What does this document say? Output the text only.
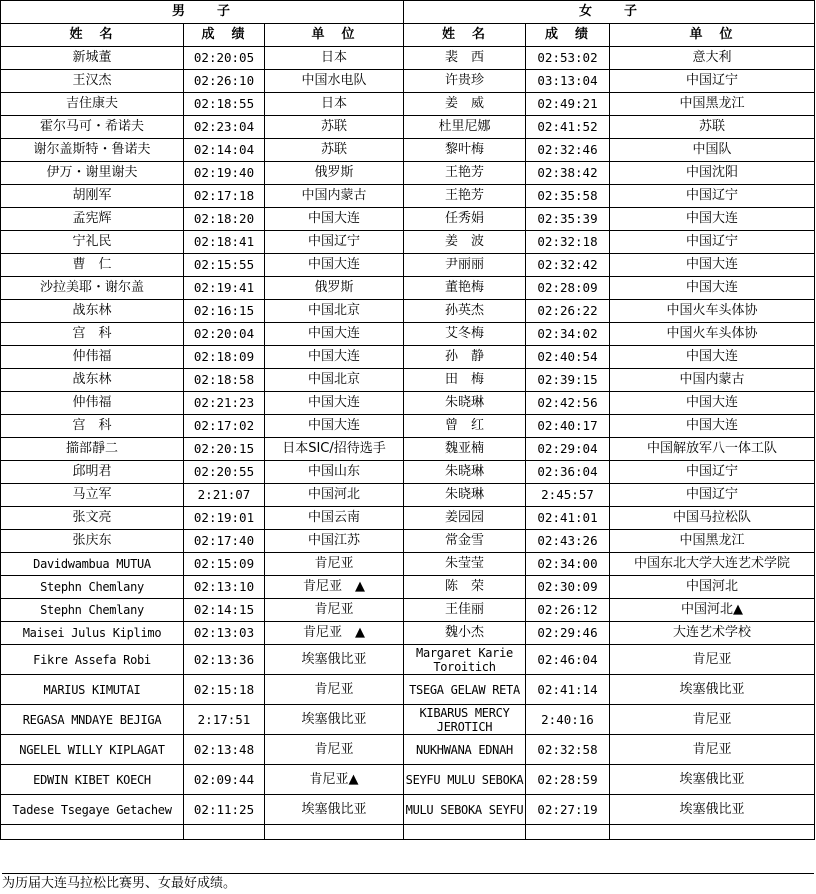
男　　子			女　　子		
姓　名	成　绩	单　位	姓　名	成　绩	单　位
新城董	02:20:05	日本	裴　西	02:53:02	意大利
王汉杰	02:26:10	中国水电队	许贵珍	03:13:04	中国辽宁
吉住康夫	02:18:55	日本	姜　威	02:49:21	中国黑龙江
霍尔马可・希诺夫	02:23:04	苏联	杜里尼娜	02:41:52	苏联
谢尔盖斯特・鲁诺夫	02:14:04	苏联	黎叶梅	02:32:46	中国队
伊万・谢里谢夫	02:19:40	俄罗斯	王艳芳	02:38:42	中国沈阳
胡刚军	02:17:18	中国内蒙古	王艳芳	02:35:58	中国辽宁
孟宪辉	02:18:20	中国大连	任秀娟	02:35:39	中国大连
宁礼民	02:18:41	中国辽宁	姜　波	02:32:18	中国辽宁
曹　仁	02:15:55	中国大连	尹丽丽	02:32:42	中国大连
沙拉美耶・谢尔盖	02:19:41	俄罗斯	董艳梅	02:28:09	中国大连
战东林	02:16:15	中国北京	孙英杰	02:26:22	中国火车头体协
宫　科	02:20:04	中国大连	艾冬梅	02:34:02	中国火车头体协
仲伟福	02:18:09	中国大连	孙　静	02:40:54	中国大连
战东林	02:18:58	中国北京	田　梅	02:39:15	中国内蒙古
仲伟福	02:21:23	中国大连	朱晓琳	02:42:56	中国大连
宫　科	02:17:02	中国大连	曾　红	02:40:17	中国大连
擶部靜二	02:20:15	日本SIC/招待选手	魏亚楠	02:29:04	中国解放军八一体工队
邱明君	02:20:55	中国山东	朱晓琳	02:36:04	中国辽宁
马立军	2:21:07	中国河北	朱晓琳	2:45:57	中国辽宁
张文亮	02:19:01	中国云南	姜园园	02:41:01	中国马拉松队
张庆东	02:17:40	中国江苏	常金雪	02:43:26	中国黑龙江
Davidwambua MUTUA	02:15:09	肯尼亚	朱莹莹	02:34:00	中国东北大学大连艺术学院
Stephn Chemlany	02:13:10	肯尼亚　▲	陈　荣	02:30:09	中国河北
Stephn Chemlany	02:14:15	肯尼亚	王佳丽	02:26:12	中国河北▲
Maisei Julus Kiplimo	02:13:03	肯尼亚　▲	魏小杰	02:29:46	大连艺术学校
Fikre Assefa Robi	02:13:36	埃塞俄比亚	Margaret Karie Toroitich	02:46:04	肯尼亚
MARIUS KIMUTAI	02:15:18	肯尼亚	TSEGA GELAW RETA	02:41:14	埃塞俄比亚
REGASA MNDAYE BEJIGA	2:17:51	埃塞俄比亚	KIBARUS MERCY JEROTICH	2:40:16	肯尼亚
NGELEL WILLY KIPLAGAT	02:13:48	肯尼亚	NUKHWANA EDNAH	02:32:58	肯尼亚
EDWIN KIBET KOECH	02:09:44	肯尼亚▲	SEYFU MULU SEBOKA	02:28:59	埃塞俄比亚
Tadese Tsegaye Getachew	02:11:25	埃塞俄比亚	MULU SEBOKA SEYFU	02:27:19	埃塞俄比亚

为历届大连马拉松比赛男、女最好成绩。
